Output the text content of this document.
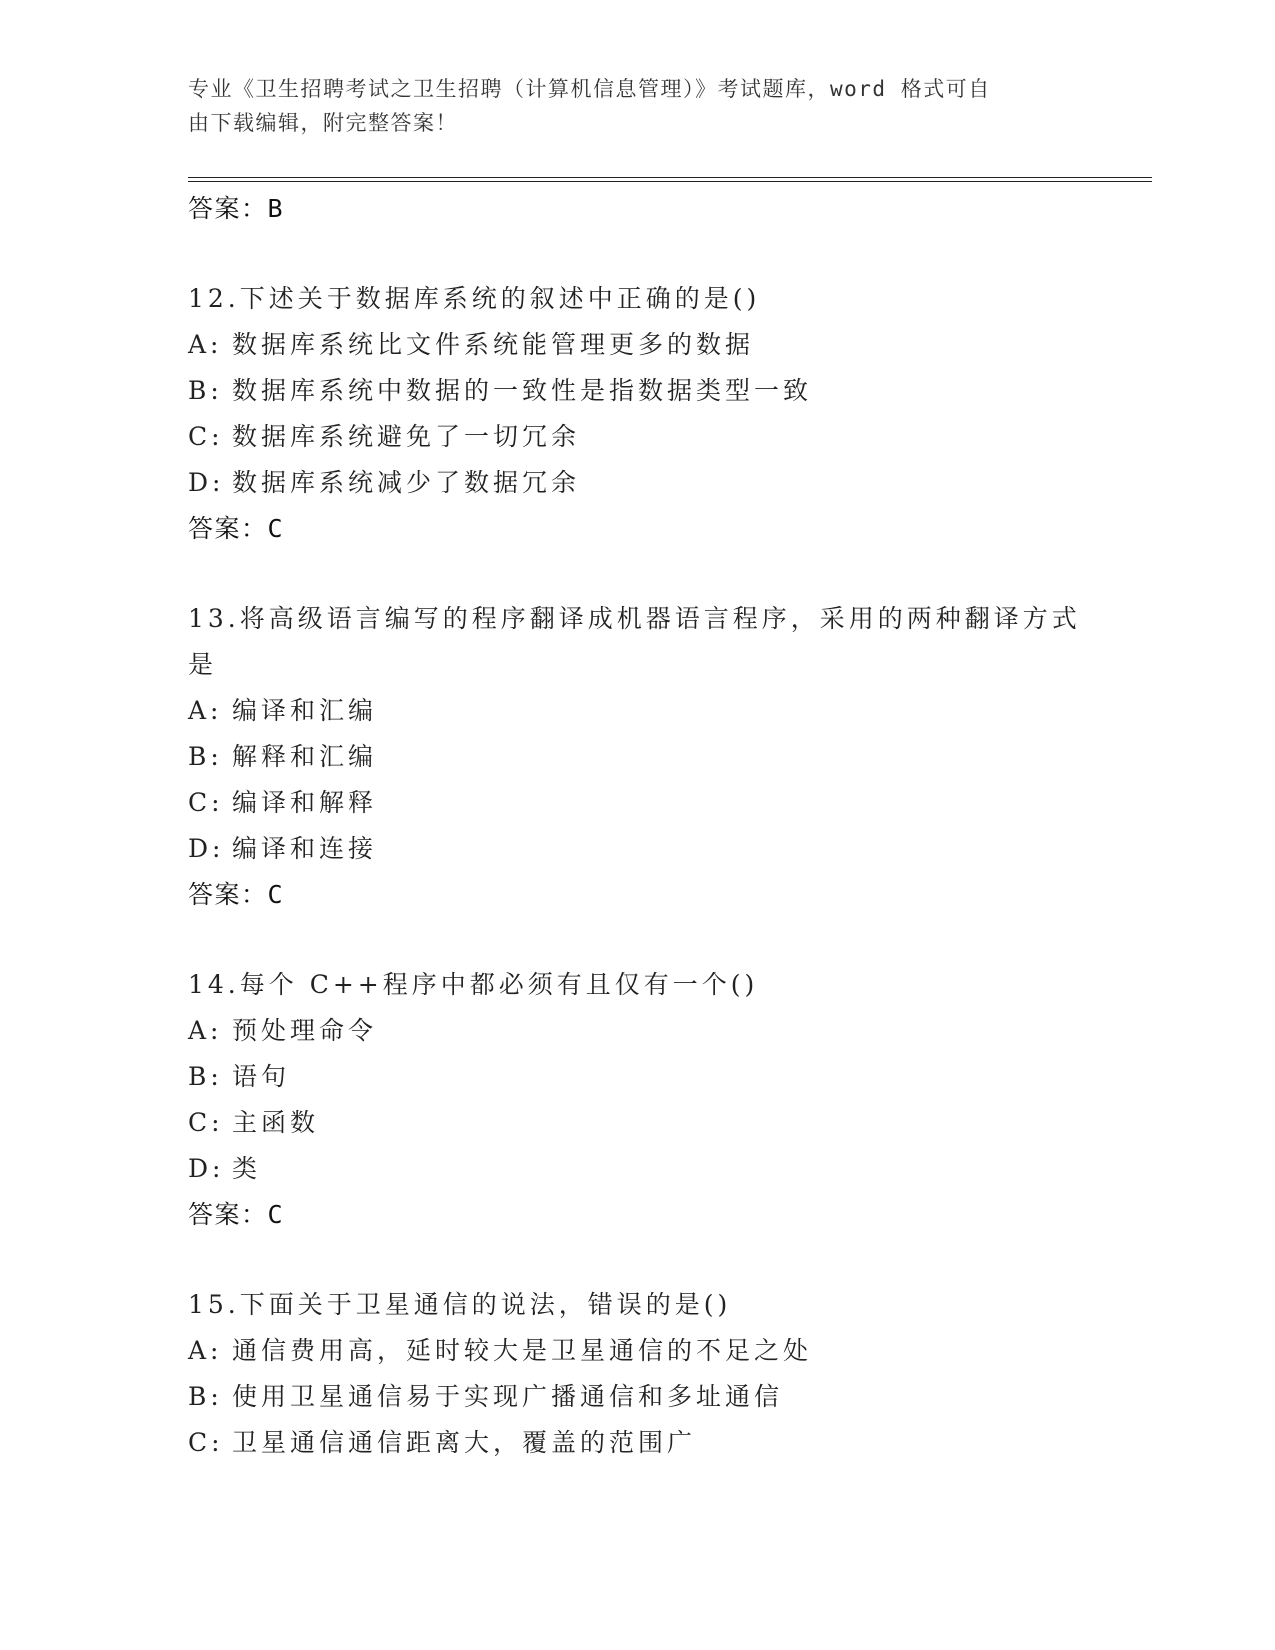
专业《卫生招聘考试之卫生招聘（计算机信息管理）》考试题库，word 格式可自
由下载编辑，附完整答案！
答案：B
12.下述关于数据库系统的叙述中正确的是()
A: 数据库系统比文件系统能管理更多的数据
B: 数据库系统中数据的一致性是指数据类型一致
C: 数据库系统避免了一切冗余
D: 数据库系统减少了数据冗余
答案：C
13.将高级语言编写的程序翻译成机器语言程序，采用的两种翻译方式是
A: 编译和汇编
B: 解释和汇编
C: 编译和解释
D: 编译和连接
答案：C
14.每个 C++程序中都必须有且仅有一个()
A: 预处理命令
B: 语句
C: 主函数
D: 类
答案：C
15.下面关于卫星通信的说法，错误的是()
A: 通信费用高，延时较大是卫星通信的不足之处
B: 使用卫星通信易于实现广播通信和多址通信
C: 卫星通信通信距离大，覆盖的范围广
